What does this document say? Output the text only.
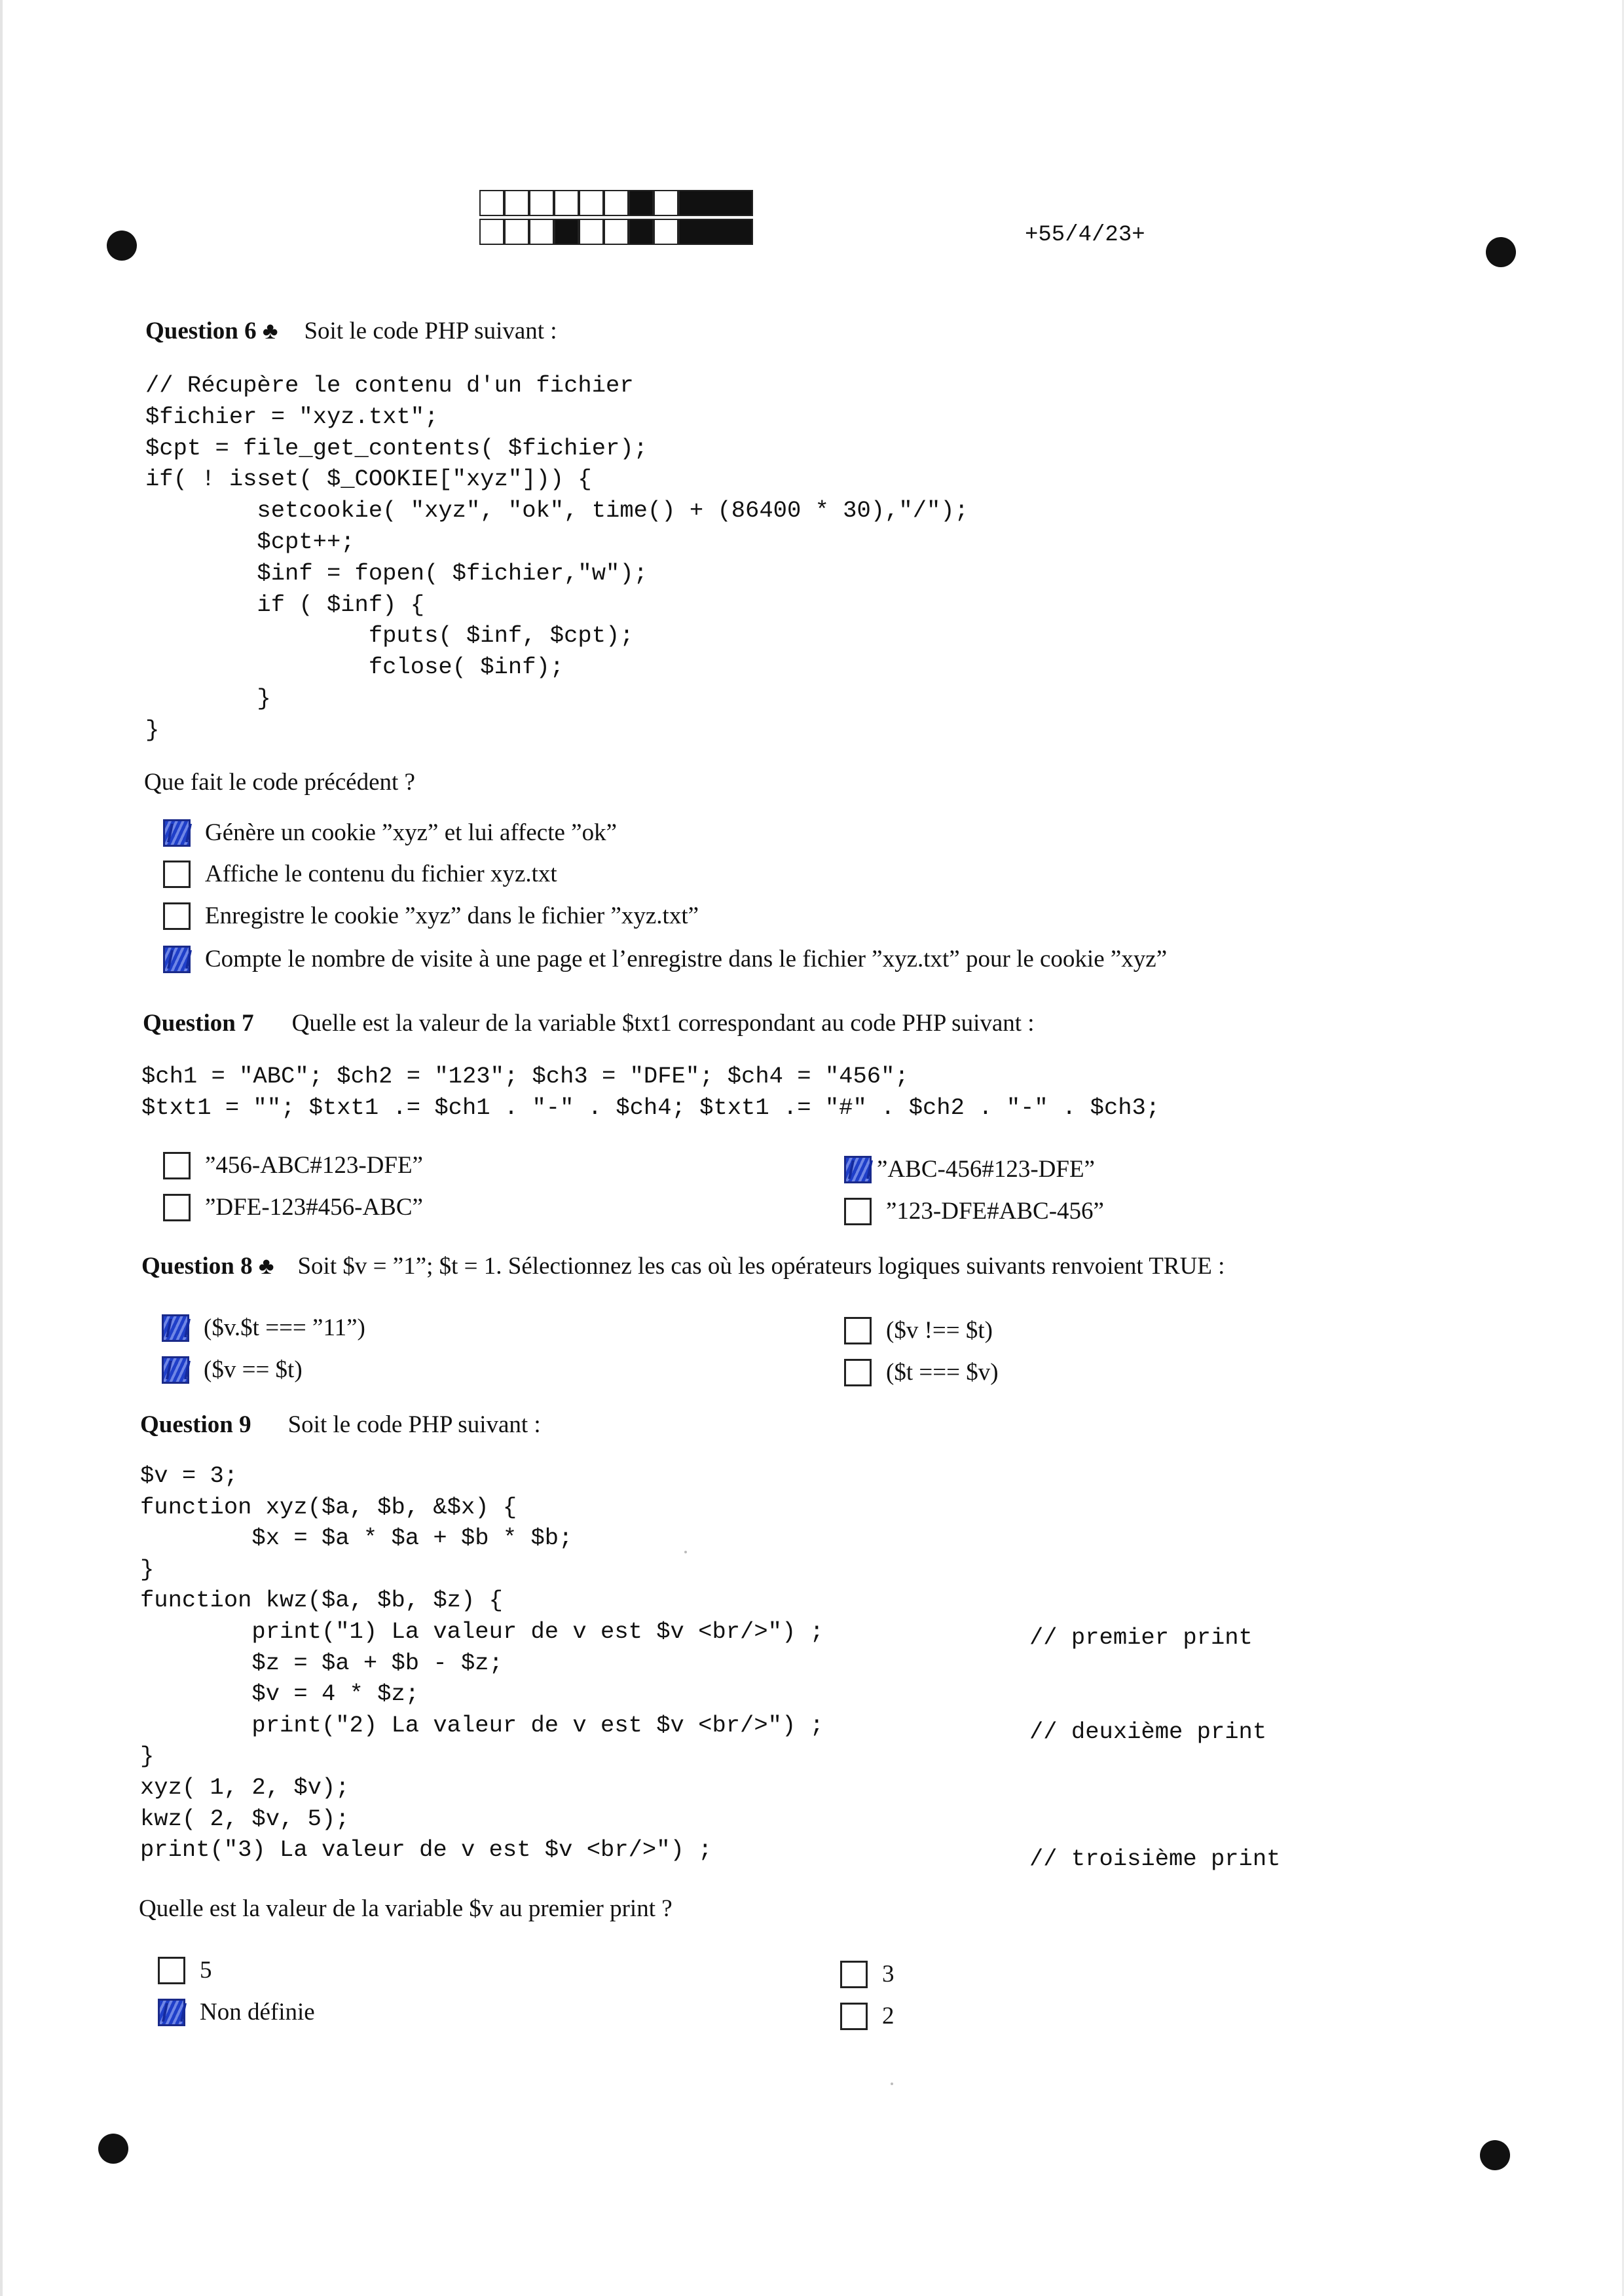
+55/4/23+
Question 6 ♣ Soit le code PHP suivant :
// Récupère le contenu d'un fichier
$fichier = "xyz.txt";
$cpt = file_get_contents( $fichier);
if( ! isset( $_COOKIE["xyz"])) {
setcookie( "xyz", "ok", time() + (86400 * 30),"/");
$cpt++;
$inf = fopen( $fichier,"w");
if ( $inf) {
fputs( $inf, $cpt);
fclose( $inf);
}
}
Que fait le code précédent ?
Génère un cookie ”xyz” et lui affecte ”ok”
Affiche le contenu du fichier xyz.txt
Enregistre le cookie ”xyz” dans le fichier ”xyz.txt”
Compte le nombre de visite à une page et l’enregistre dans le fichier ”xyz.txt” pour le cookie ”xyz”
Question 7 Quelle est la valeur de la variable $txt1 correspondant au code PHP suivant :
$ch1 = "ABC"; $ch2 = "123"; $ch3 = "DFE"; $ch4 = "456";
$txt1 = ""; $txt1 .= $ch1 . "-" . $ch4; $txt1 .= "#" . $ch2 . "-" . $ch3;
”456-ABC#123-DFE”
”DFE-123#456-ABC”
”ABC-456#123-DFE”
”123-DFE#ABC-456”
Question 8 ♣ Soit $v = ”1”; $t = 1. Sélectionnez les cas où les opérateurs logiques suivants renvoient TRUE :
($v.$t === ”11”)
($v == $t)
($v !== $t)
($t === $v)
Question 9 Soit le code PHP suivant :
$v = 3;
function xyz($a, $b, &$x) {
$x = $a * $a + $b * $b;
}
function kwz($a, $b, $z) {
print("1) La valeur de v est $v <br/>") ;
$z = $a + $b - $z;
$v = 4 * $z;
print("2) La valeur de v est $v <br/>") ;
}
xyz( 1, 2, $v);
kwz( 2, $v, 5);
print("3) La valeur de v est $v <br/>") ;
// premier print
// deuxième print
// troisième print
Quelle est la valeur de la variable $v au premier print ?
5
Non définie
3
2
